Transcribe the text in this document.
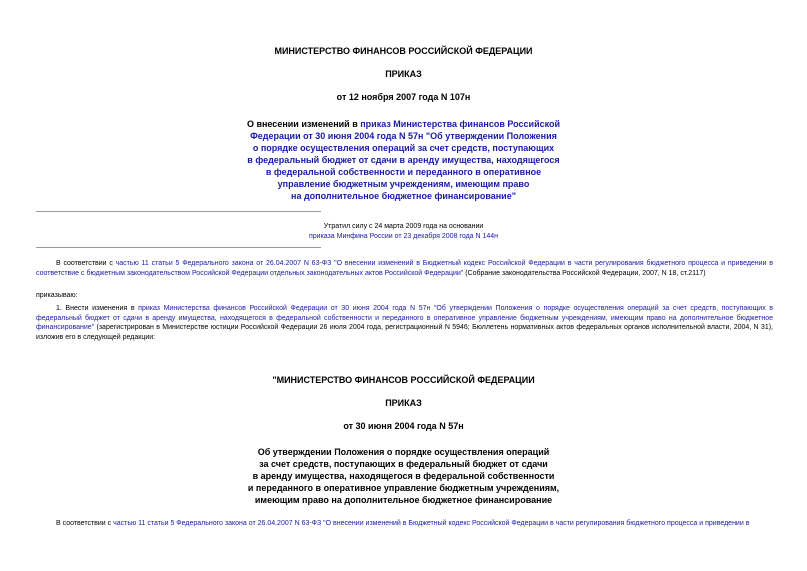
МИНИСТЕРСТВО ФИНАНСОВ РОССИЙСКОЙ ФЕДЕРАЦИИ
ПРИКАЗ
от 12 ноября 2007 года N 107н
О внесении изменений в приказ Министерства финансов Российской
Федерации от 30 июня 2004 года N 57н "Об утверждении Положения
о порядке осуществления операций за счет средств, поступающих
в федеральный бюджет от сдачи в аренду имущества, находящегося
в федеральной собственности и переданного в оперативное
управление бюджетным учреждениям, имеющим право
на дополнительное бюджетное финансирование"
Утратил силу с 24 марта 2009 года на основании
приказа Минфина России от 23 декабря 2008 года N 144н

В соответствии с частью 11 статьи 5 Федерального закона от 26.04.2007 N 63-ФЗ "О внесении изменений в Бюджетный кодекс Российской Федерации в части регулирования бюджетного процесса и приведении в соответствие с бюджетным законодательством Российской Федерации отдельных законодательных актов Российской Федерации" (Собрание законодательства Российской Федерации, 2007, N 18, ст.2117)

приказываю:

1. Внести изменения в приказ Министерства финансов Российской Федерации от 30 июня 2004 года N 57н "Об утверждении Положения о порядке осуществления операций за счет средств, поступающих в федеральный бюджет от сдачи в аренду имущества, находящегося в федеральной собственности и переданного в оперативное управление бюджетным учреждениям, имеющим право на дополнительное бюджетное финансирование" (зарегистрирован в Министерстве юстиции Российской Федерации 26 июля 2004 года, регистрационный N 5946; Бюллетень нормативных актов федеральных органов исполнительной власти, 2004, N 31), изложив его в следующей редакции:

"МИНИСТЕРСТВО ФИНАНСОВ РОССИЙСКОЙ ФЕДЕРАЦИИ
ПРИКАЗ
от 30 июня 2004 года N 57н
Об утверждении Положения о порядке осуществления операций
за счет средств, поступающих в федеральный бюджет от сдачи
в аренду имущества, находящегося в федеральной собственности
и переданного в оперативное управление бюджетным учреждениям,
имеющим право на дополнительное бюджетное финансирование

В соответствии с частью 11 статьи 5 Федерального закона от 26.04.2007 N 63-ФЗ "О внесении изменений в Бюджетный кодекс Российской Федерации в части регулирования бюджетного процесса и приведении в
